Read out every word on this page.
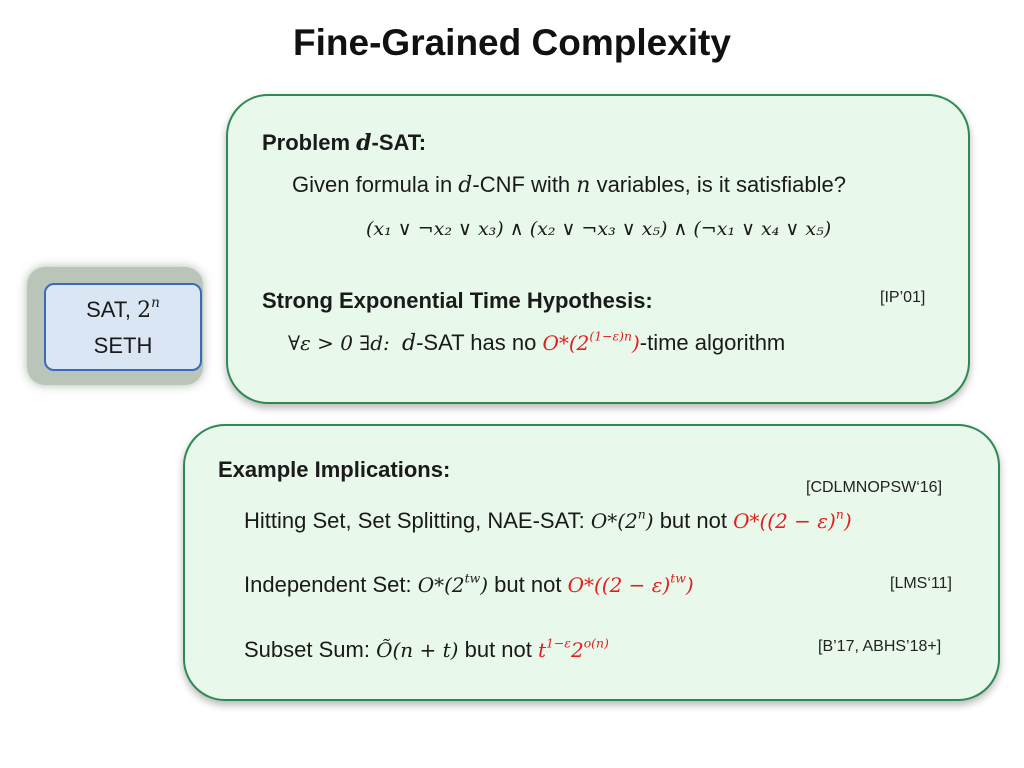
Fine-Grained Complexity
SAT, 2$^n$
SETH
Problem d-SAT:
Given formula in d-CNF with n variables, is it satisfiable?
(x₁ ∨ ¬x₂ ∨ x₃) ∧ (x₂ ∨ ¬x₃ ∨ x₅) ∧ (¬x₁ ∨ x₄ ∨ x₅)
Strong Exponential Time Hypothesis:	[IP’01]
∀ε > 0 ∃d: d-SAT has no $O*(2^{(1-\varepsilon)n})$-time algorithm
Example Implications:
[CDLMNOPSW‘16]
Hitting Set, Set Splitting, NAE-SAT: O*(2$^n$) but not $O*((2 - \varepsilon)^n)$
[LMS‘11]
Independent Set: $O*(2^{tw})$ but not $O*((2 - \varepsilon)^{tw})$
[B’17, ABHS’18+]
Subset Sum: Õ(n + t) but not $t^{1-\varepsilon}2^{o(n)}$
